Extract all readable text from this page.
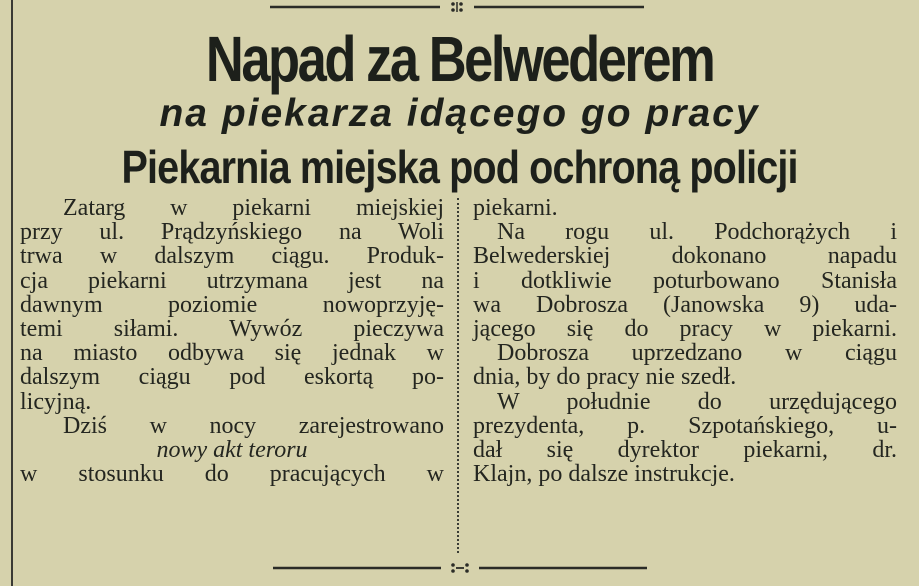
Napad za Belwederem
na piekarza idącego go pracy
Piekarnia miejska pod ochroną policji
Zatarg w piekarni miejskiej
przy ul. Prądzyńskiego na Woli
trwa w dalszym ciągu. Produk-
cja piekarni utrzymana jest na
dawnym poziomie nowoprzyję-
temi siłami. Wywóz pieczywa
na miasto odbywa się jednak w
dalszym ciągu pod eskortą po-
licyjną.
Dziś w nocy zarejestrowano
nowy akt teroru
w stosunku do pracujących w
piekarni.
Na rogu ul. Podchorążych i
Belwederskiej dokonano napadu
i dotkliwie poturbowano Stanisła
wa Dobrosza (Janowska 9) uda-
jącego się do pracy w piekarni.
Dobrosza uprzedzano w ciągu
dnia, by do pracy nie szedł.
W południe do urzędującego
prezydenta, p. Szpotańskiego, u-
dał się dyrektor piekarni, dr.
Klajn, po dalsze instrukcje.
